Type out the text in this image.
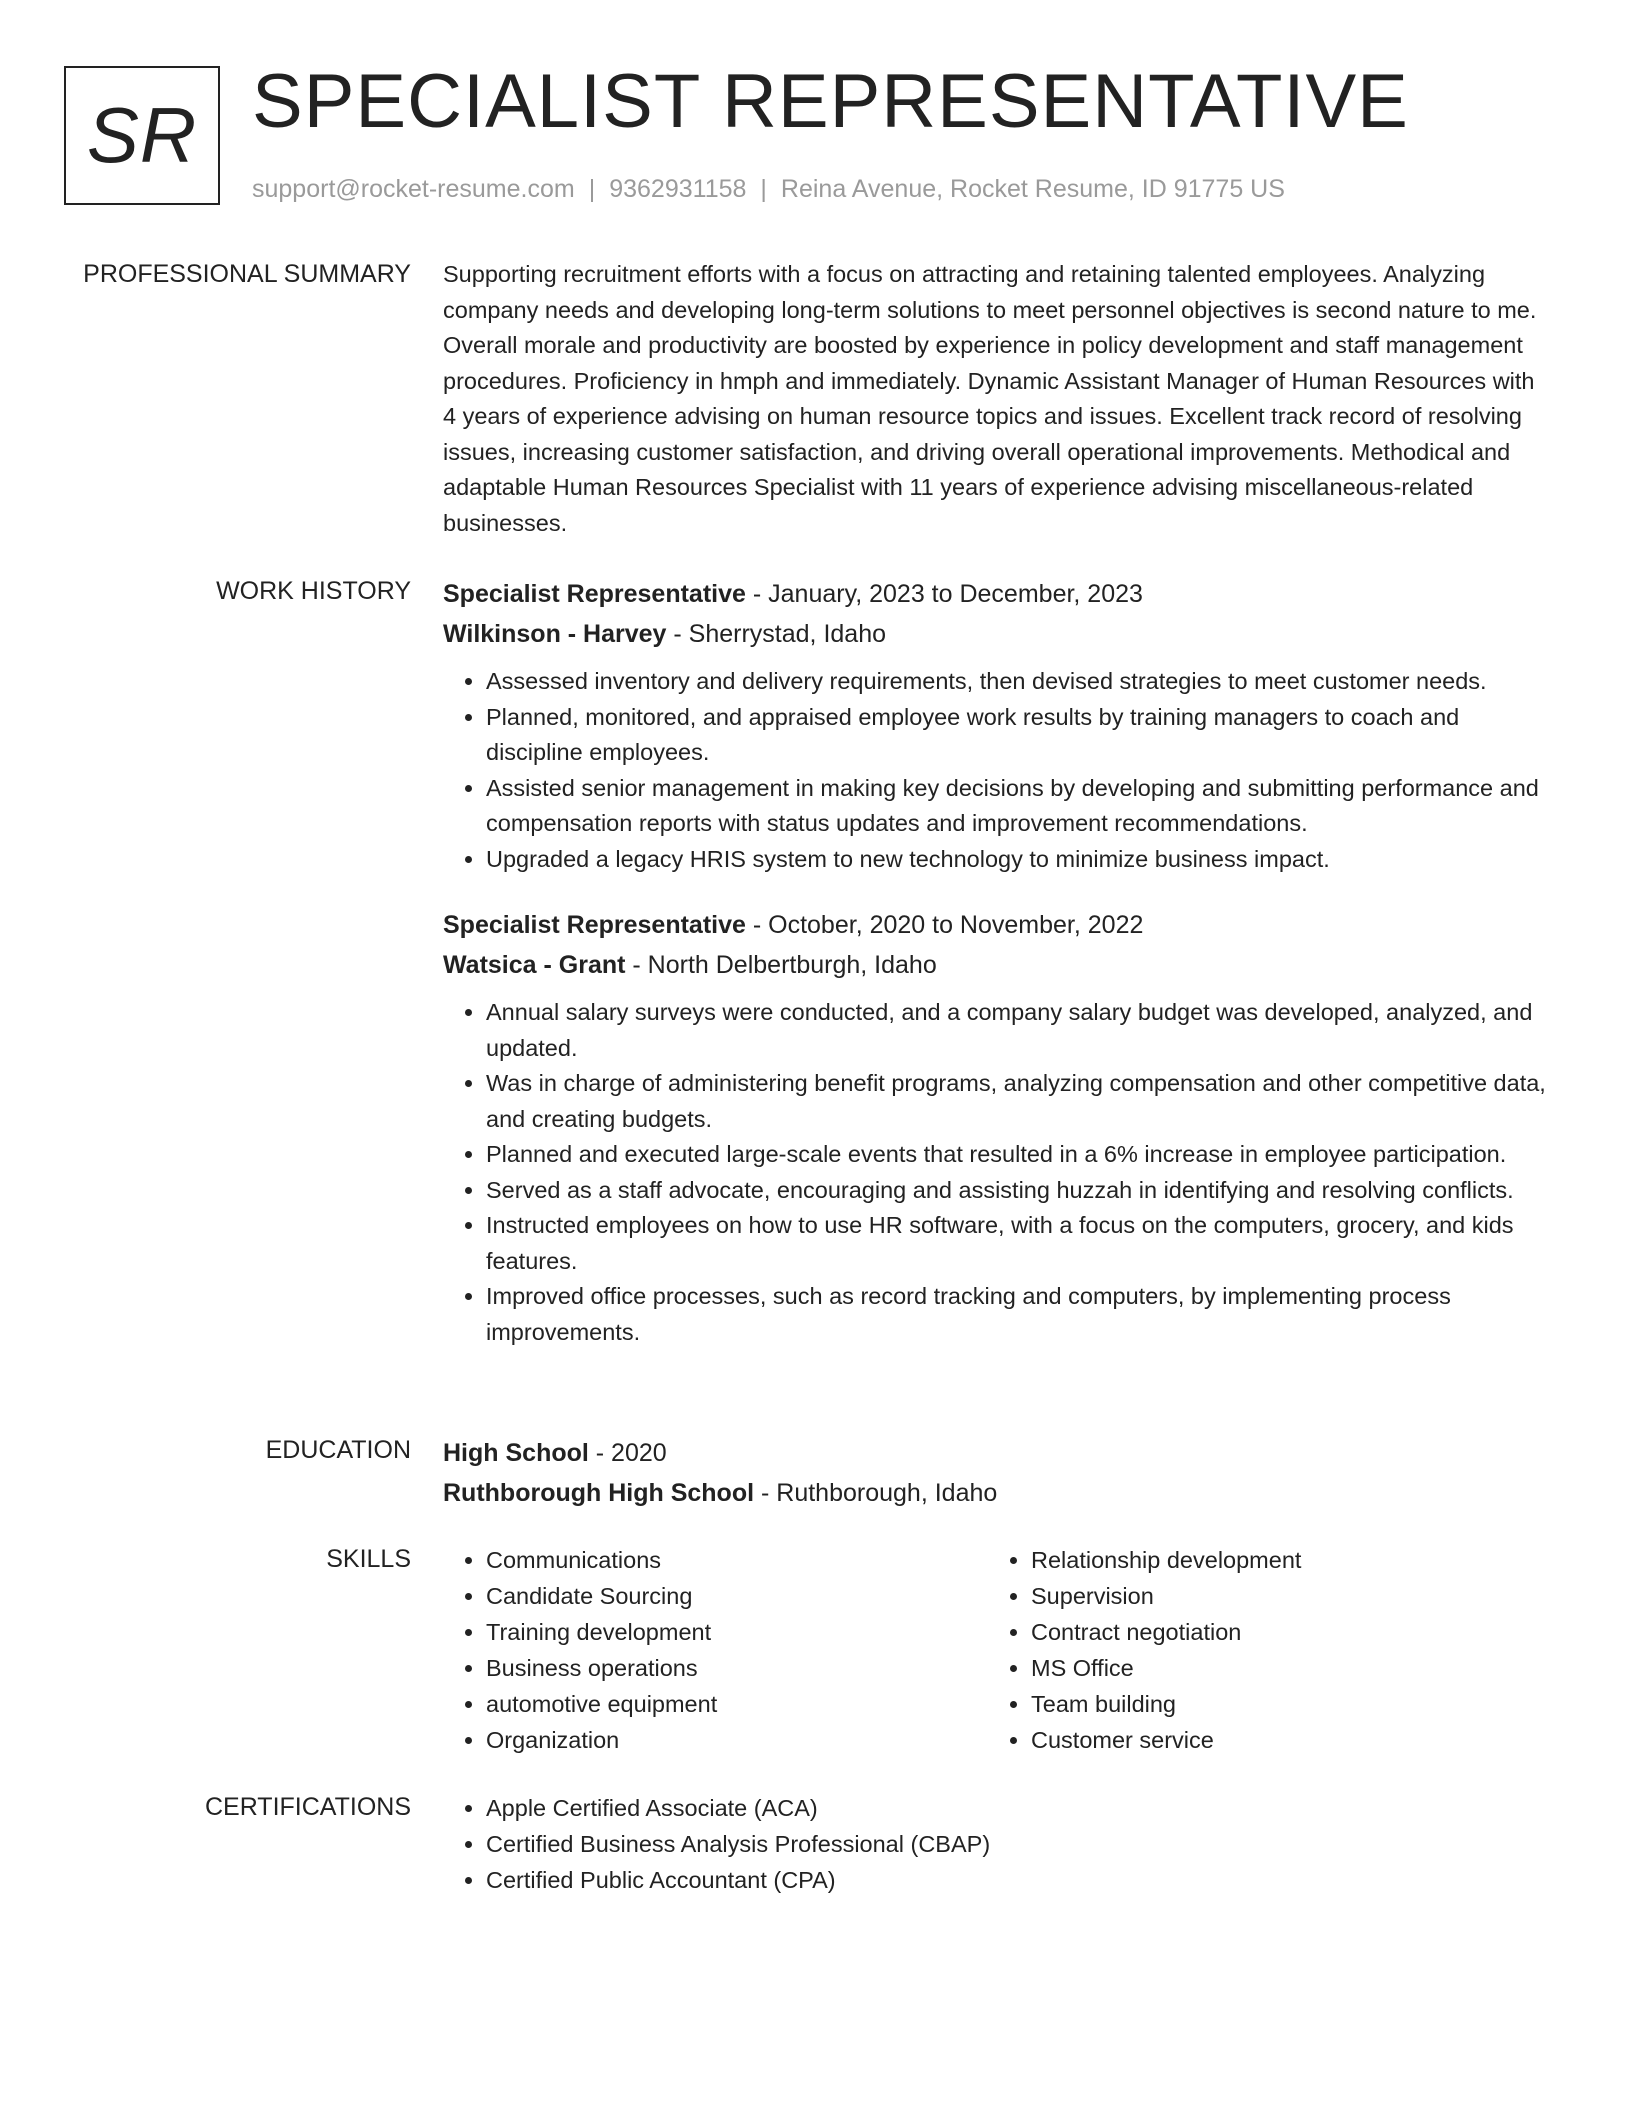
SR SPECIALIST REPRESENTATIVE
support@rocket-resume.com | 9362931158 | Reina Avenue, Rocket Resume, ID 91775 US
PROFESSIONAL SUMMARY Supporting recruitment efforts with a focus on attracting and retaining talented employees. Analyzing company needs and developing long-term solutions to meet personnel objectives is second nature to me. Overall morale and productivity are boosted by experience in policy development and staff management procedures. Proficiency in hmph and immediately. Dynamic Assistant Manager of Human Resources with 4 years of experience advising on human resource topics and issues. Excellent track record of resolving issues, increasing customer satisfaction, and driving overall operational improvements. Methodical and adaptable Human Resources Specialist with 11 years of experience advising miscellaneous-related businesses.

WORK HISTORY Specialist Representative - January, 2023 to December, 2023
Wilkinson - Harvey - Sherrystad, Idaho
• Assessed inventory and delivery requirements, then devised strategies to meet customer needs.
• Planned, monitored, and appraised employee work results by training managers to coach and discipline employees.
• Assisted senior management in making key decisions by developing and submitting performance and compensation reports with status updates and improvement recommendations.
• Upgraded a legacy HRIS system to new technology to minimize business impact.
Specialist Representative - October, 2020 to November, 2022
Watsica - Grant - North Delbertburgh, Idaho
• Annual salary surveys were conducted, and a company salary budget was developed, analyzed, and updated.
• Was in charge of administering benefit programs, analyzing compensation and other competitive data, and creating budgets.
• Planned and executed large-scale events that resulted in a 6% increase in employee participation.
• Served as a staff advocate, encouraging and assisting huzzah in identifying and resolving conflicts.
• Instructed employees on how to use HR software, with a focus on the computers, grocery, and kids features.
• Improved office processes, such as record tracking and computers, by implementing process improvements.
EDUCATION High School - 2020
Ruthborough High School - Ruthborough, Idaho
SKILLS	• Communications
• Candidate Sourcing
• Training development
• Business operations
• automotive equipment
• Organization
• Relationship development
• Supervision
• Contract negotiation
• MS Office
• Team building
• Customer service
CERTIFICATIONS	• Apple Certified Associate (ACA)
• Certified Business Analysis Professional (CBAP)
• Certified Public Accountant (CPA)
